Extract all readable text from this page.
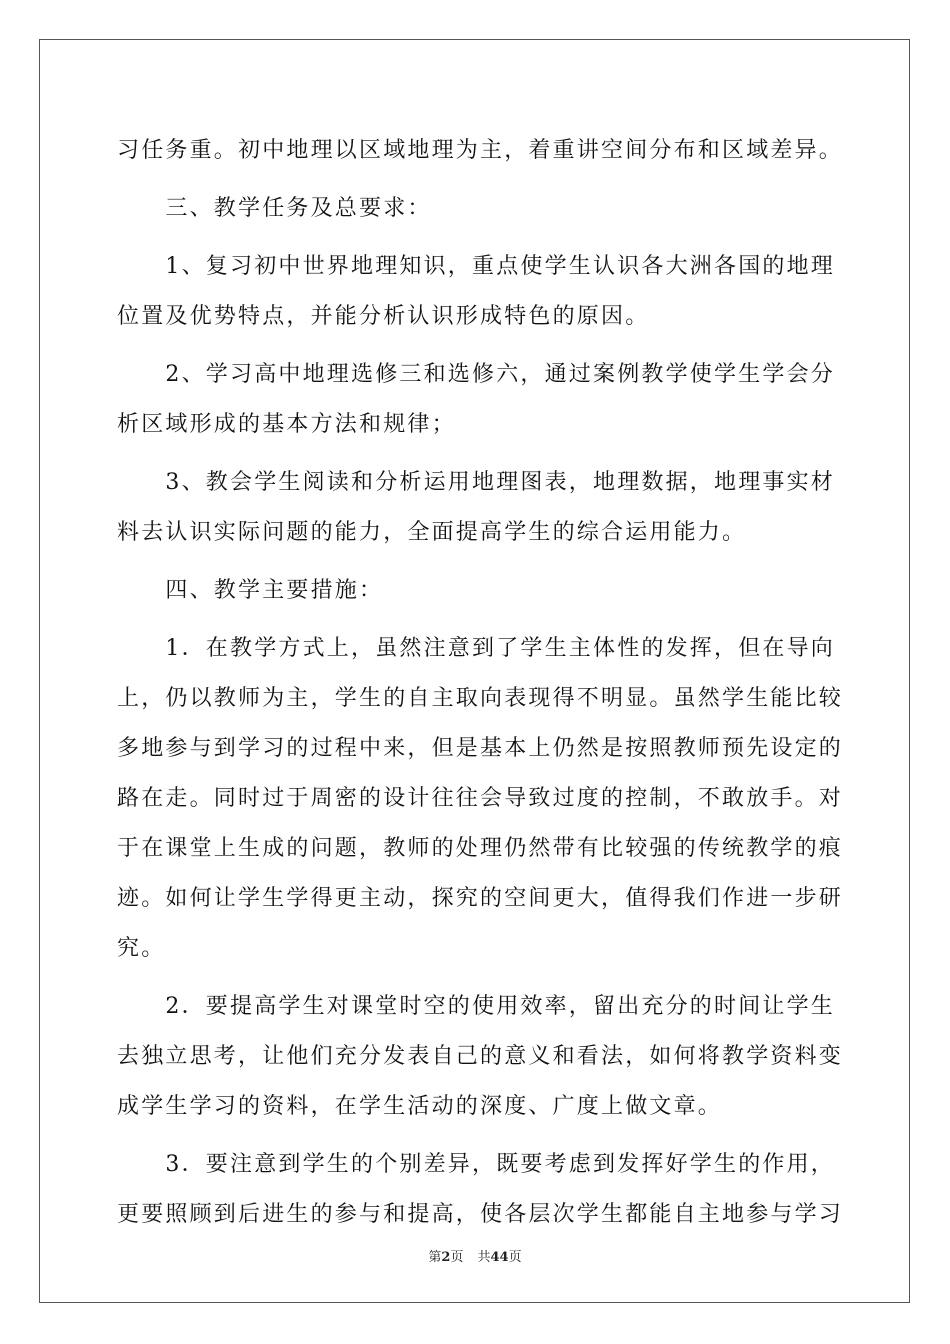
习任务重。初中地理以区域地理为主，着重讲空间分布和区域差异。
　　三、教学任务及总要求：
　　1、复习初中世界地理知识，重点使学生认识各大洲各国的地理
位置及优势特点，并能分析认识形成特色的原因。
　　2、学习高中地理选修三和选修六，通过案例教学使学生学会分
析区域形成的基本方法和规律；
　　3、教会学生阅读和分析运用地理图表，地理数据，地理事实材
料去认识实际问题的能力，全面提高学生的综合运用能力。
　　四、教学主要措施：
　　1．在教学方式上，虽然注意到了学生主体性的发挥，但在导向
上，仍以教师为主，学生的自主取向表现得不明显。虽然学生能比较
多地参与到学习的过程中来，但是基本上仍然是按照教师预先设定的
路在走。同时过于周密的设计往往会导致过度的控制，不敢放手。对
于在课堂上生成的问题，教师的处理仍然带有比较强的传统教学的痕
迹。如何让学生学得更主动，探究的空间更大，值得我们作进一步研
究。
　　2．要提高学生对课堂时空的使用效率，留出充分的时间让学生
去独立思考，让他们充分发表自己的意义和看法，如何将教学资料变
成学生学习的资料，在学生活动的深度、广度上做文章。
　　3．要注意到学生的个别差异，既要考虑到发挥好学生的作用，
更要照顾到后进生的参与和提高，使各层次学生都能自主地参与学习
第2页 共44页
